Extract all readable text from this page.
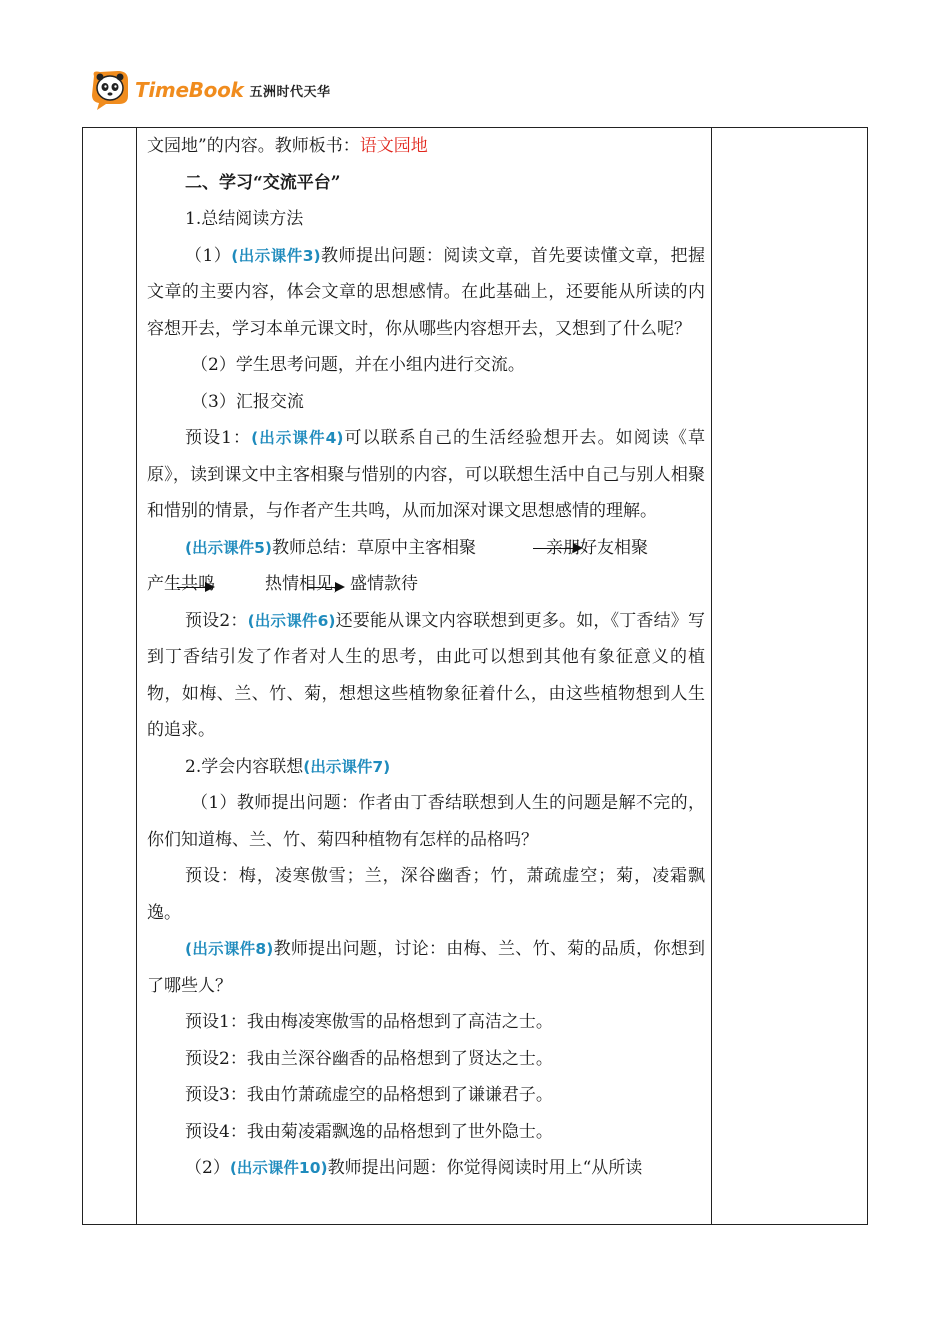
TimeBook 五洲时代天华

文园地”的内容。教师板书：语文园地

二、学习“交流平台”

1.总结阅读方法

（1）(出示课件3)教师提出问题：阅读文章，首先要读懂文章，把握文章的主要内容，体会文章的思想感情。在此基础上，还要能从所读的内容想开去，学习本单元课文时，你从哪些内容想开去，又想到了什么呢？

（2）学生思考问题，并在小组内进行交流。

（3）汇报交流

预设1：(出示课件4)可以联系自己的生活经验想开去。如阅读《草原》，读到课文中主客相聚与惜别的内容，可以联想生活中自己与别人相聚和惜别的情景，与作者产生共鸣，从而加深对课文思想感情的理解。

(出示课件5)教师总结：草原中主客相聚	亲朋好友相聚
产生共鸣	热情相见，盛情款待

预设2：(出示课件6)还要能从课文内容联想到更多。如，《丁香结》写到丁香结引发了作者对人生的思考，由此可以想到其他有象征意义的植物，如梅、兰、竹、菊，想想这些植物象征着什么，由这些植物想到人生的追求。

2.学会内容联想(出示课件7)

（1）教师提出问题：作者由丁香结联想到人生的问题是解不完的，你们知道梅、兰、竹、菊四种植物有怎样的品格吗？

预设：梅，凌寒傲雪；兰，深谷幽香；竹，萧疏虚空；菊，凌霜飘逸。

(出示课件8)教师提出问题，讨论：由梅、兰、竹、菊的品质，你想到了哪些人？

预设1：我由梅凌寒傲雪的品格想到了高洁之士。

预设2：我由兰深谷幽香的品格想到了贤达之士。

预设3：我由竹萧疏虚空的品格想到了谦谦君子。

预设4：我由菊凌霜飘逸的品格想到了世外隐士。

（2）(出示课件10)教师提出问题：你觉得阅读时用上“从所读
